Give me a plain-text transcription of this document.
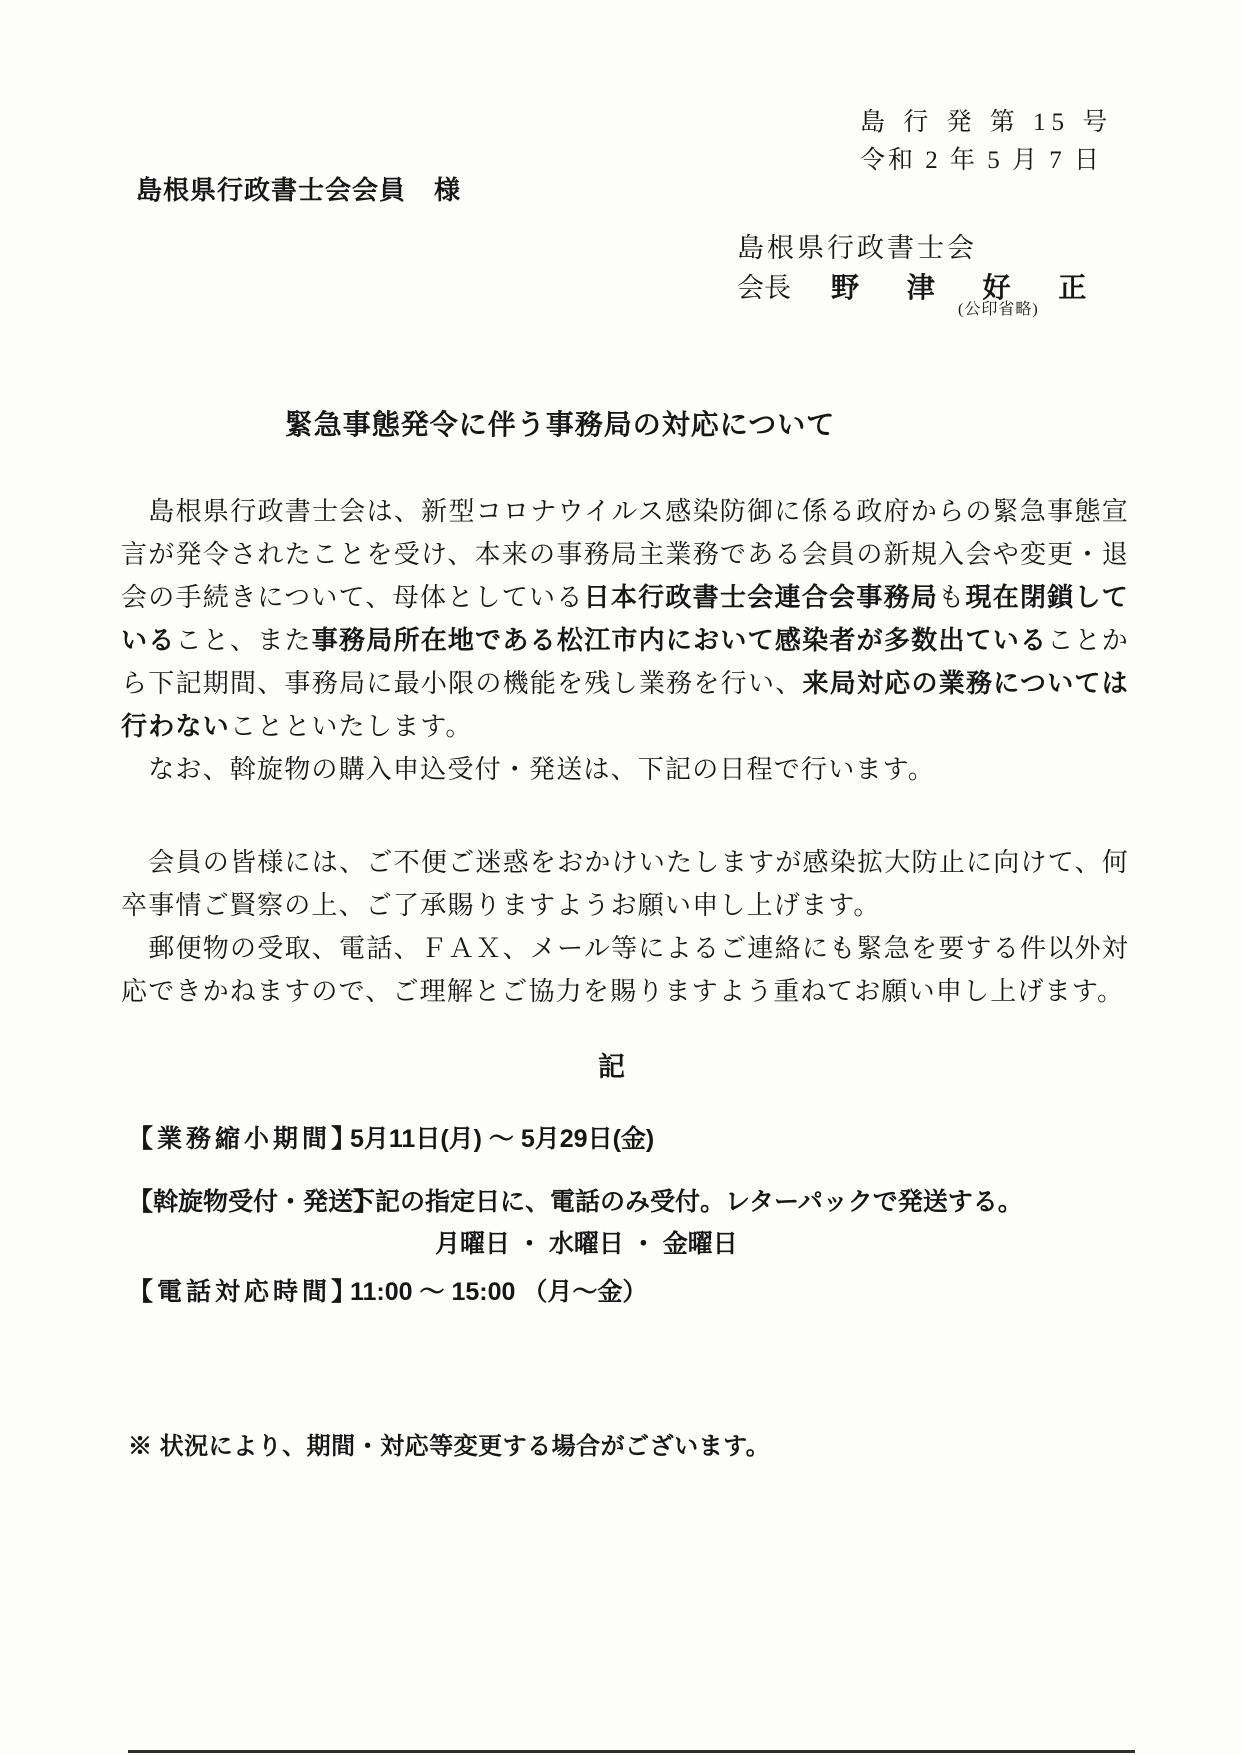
島 行 発 第 15 号
令和 2 年 5 月 7 日
島根県行政書士会会員 様
島根県行政書士会
会長 野 津 好 正
(公印省略)
緊急事態発令に伴う事務局の対応について

　島根県行政書士会は、新型コロナウイルス感染防御に係る政府からの緊急事態宣言が発令されたことを受け、本来の事務局主業務である会員の新規入会や変更・退会の手続きについて、母体としている日本行政書士会連合会事務局も現在閉鎖していること、また事務局所在地である松江市内において感染者が多数出ていることから下記期間、事務局に最小限の機能を残し業務を行い、来局対応の業務については行わないことといたします。

　なお、斡旋物の購入申込受付・発送は、下記の日程で行います。

　会員の皆様には、ご不便ご迷惑をおかけいたしますが感染拡大防止に向けて、何卒事情ご賢察の上、ご了承賜りますようお願い申し上げます。

　郵便物の受取、電話、ＦＡＸ、メール等によるご連絡にも緊急を要する件以外対応できかねますので、ご理解とご協力を賜りますよう重ねてお願い申し上げます。

記
【業務縮小期間】
5月11日(月) ～ 5月29日(金)
【斡旋物受付・発送】
下記の指定日に、電話のみ受付。レターパックで発送する。
月曜日 ・ 水曜日 ・ 金曜日
【電話対応時間】
11:00 ～ 15:00 （月～金）
※ 状況により、期間・対応等変更する場合がございます。
